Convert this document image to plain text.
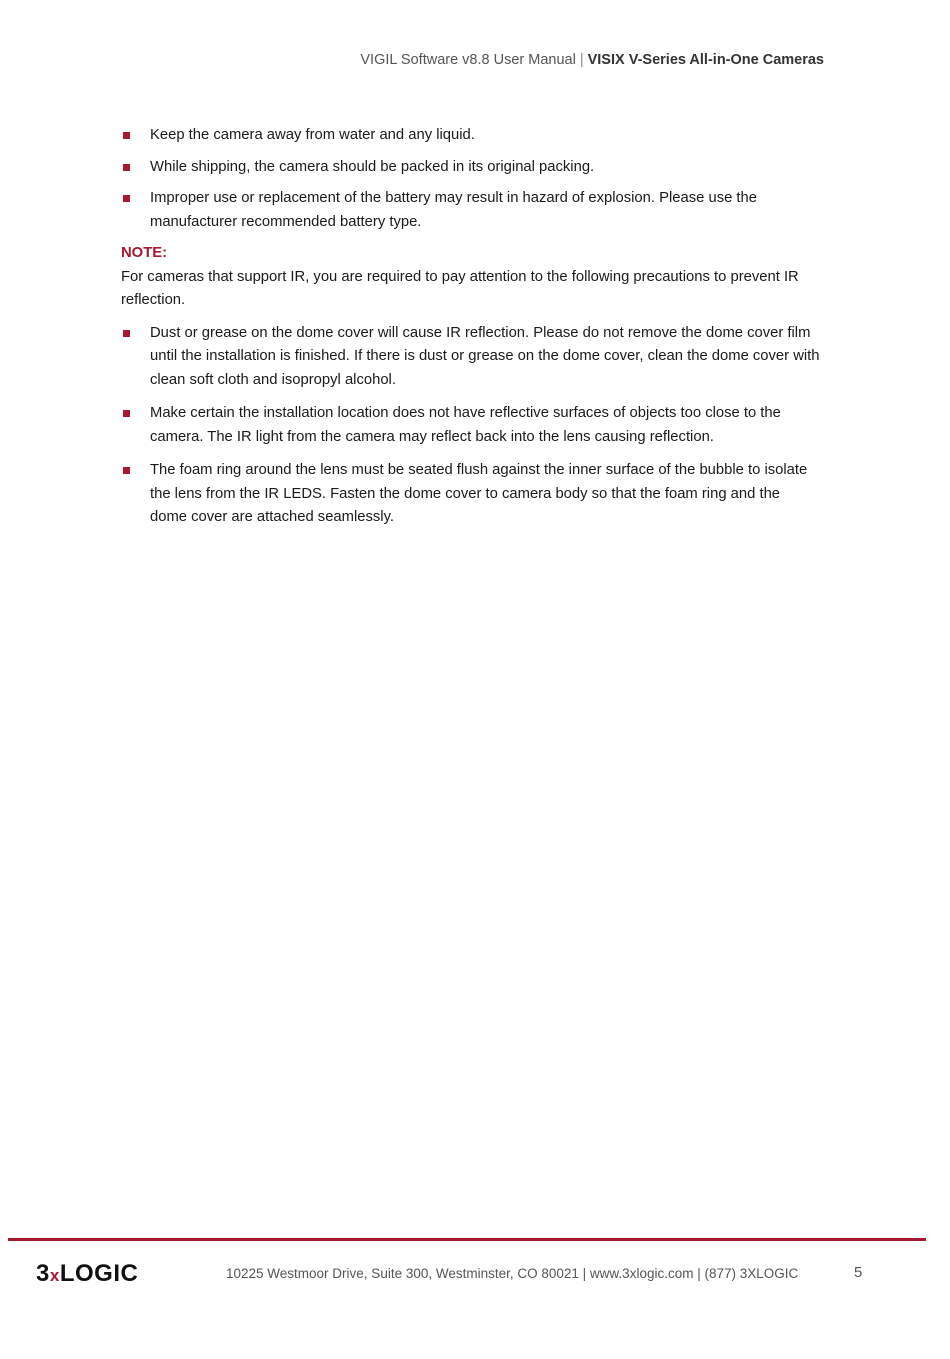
VIGIL Software v8.8 User Manual | VISIX V-Series All-in-One Cameras
Keep the camera away from water and any liquid.
While shipping, the camera should be packed in its original packing.
Improper use or replacement of the battery may result in hazard of explosion. Please use the manufacturer recommended battery type.
NOTE:
For cameras that support IR, you are required to pay attention to the following precautions to prevent IR reflection.
Dust or grease on the dome cover will cause IR reflection. Please do not remove the dome cover film until the installation is finished. If there is dust or grease on the dome cover, clean the dome cover with clean soft cloth and isopropyl alcohol.
Make certain the installation location does not have reflective surfaces of objects too close to the camera. The IR light from the camera may reflect back into the lens causing reflection.
The foam ring around the lens must be seated flush against the inner surface of the bubble to isolate the lens from the IR LEDS. Fasten the dome cover to camera body so that the foam ring and the dome cover are attached seamlessly.
3xLOGIC	10225 Westmoor Drive, Suite 300, Westminster, CO 80021 | www.3xlogic.com | (877) 3XLOGIC	5
